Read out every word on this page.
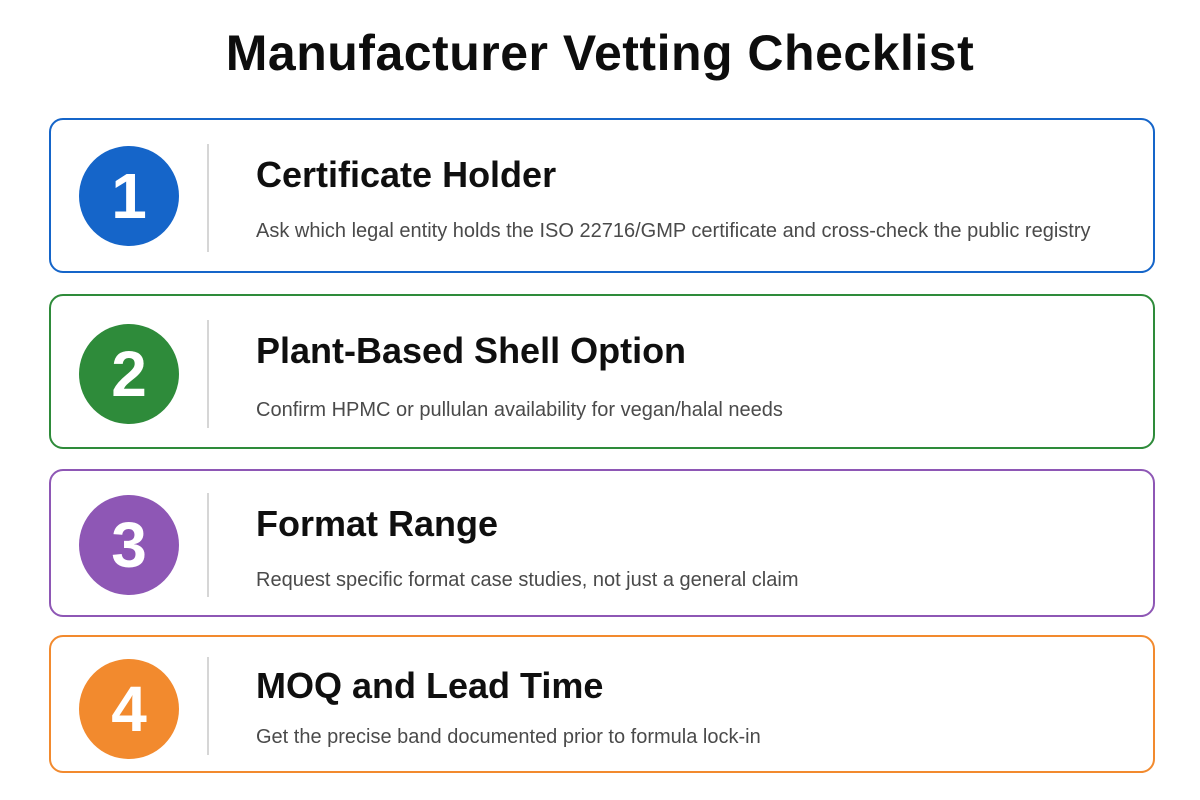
Manufacturer Vetting Checklist
1	Certificate Holder
Ask which legal entity holds the ISO 22716/GMP certificate and cross-check the public registry
2	Plant-Based Shell Option
Confirm HPMC or pullulan availability for vegan/halal needs
3	Format Range
Request specific format case studies, not just a general claim
4	MOQ and Lead Time
Get the precise band documented prior to formula lock-in
